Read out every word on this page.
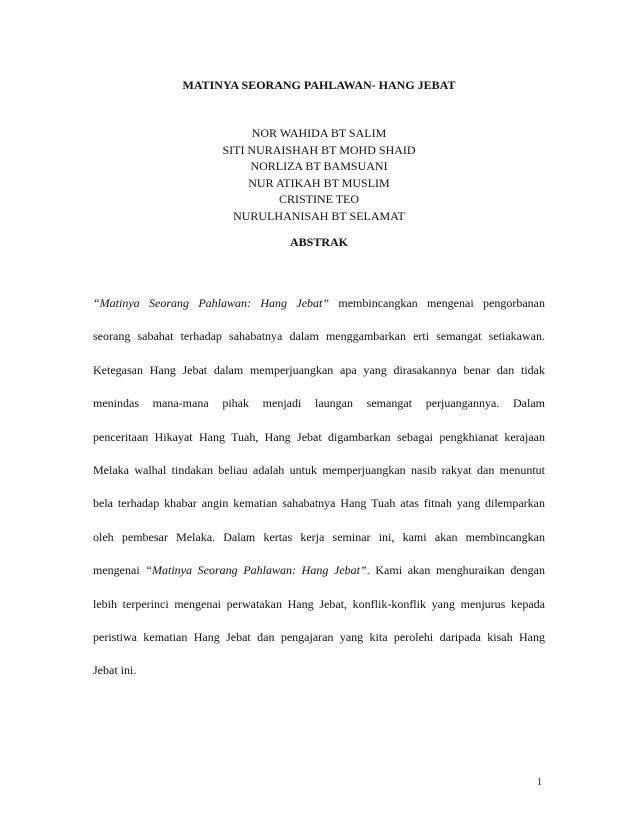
MATINYA SEORANG PAHLAWAN- HANG JEBAT
NOR WAHIDA BT SALIM
SITI NURAISHAH BT MOHD SHAID
NORLIZA BT BAMSUANI
NUR ATIKAH BT MUSLIM
CRISTINE TEO
NURULHANISAH BT SELAMAT
ABSTRAK
“Matinya Seorang Pahlawan: Hang Jebat” membincangkan mengenai pengorbanan
seorang sabahat terhadap sahabatnya dalam menggambarkan erti semangat setiakawan.
Ketegasan Hang Jebat dalam memperjuangkan apa yang dirasakannya benar dan tidak
menindas mana-mana pihak menjadi laungan semangat perjuangannya. Dalam
penceritaan Hikayat Hang Tuah, Hang Jebat digambarkan sebagai pengkhianat kerajaan
Melaka walhal tindakan beliau adalah untuk memperjuangkan nasib rakyat dan menuntut
bela terhadap khabar angin kematian sahabatnya Hang Tuah atas fitnah yang dilemparkan
oleh pembesar Melaka. Dalam kertas kerja seminar ini, kami akan membincangkan
mengenai “Matinya Seorang Pahlawan: Hang Jebat”. Kami akan menghuraikan dengan
lebih terperinci mengenai perwatakan Hang Jebat, konflik-konflik yang menjurus kepada
peristiwa kematian Hang Jebat dan pengajaran yang kita perolehi daripada kisah Hang
Jebat ini.
1
